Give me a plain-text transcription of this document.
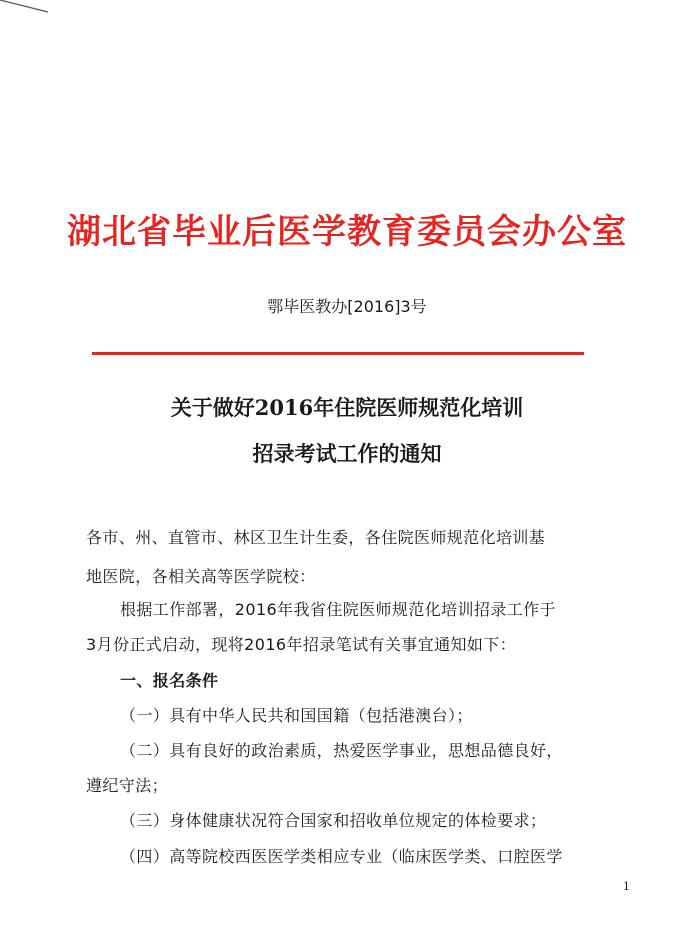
湖北省毕业后医学教育委员会办公室
鄂毕医教办[2016]3号
关于做好2016年住院医师规范化培训
招录考试工作的通知
各市、州、直管市、林区卫生计生委，各住院医师规范化培训基
地医院，各相关高等医学院校：
根据工作部署，2016年我省住院医师规范化培训招录工作于
3月份正式启动，现将2016年招录笔试有关事宜通知如下：
一、报名条件
（一）具有中华人民共和国国籍（包括港澳台）；
（二）具有良好的政治素质，热爱医学事业，思想品德良好，
遵纪守法；
（三）身体健康状况符合国家和招收单位规定的体检要求；
（四）高等院校西医医学类相应专业（临床医学类、口腔医学
1
